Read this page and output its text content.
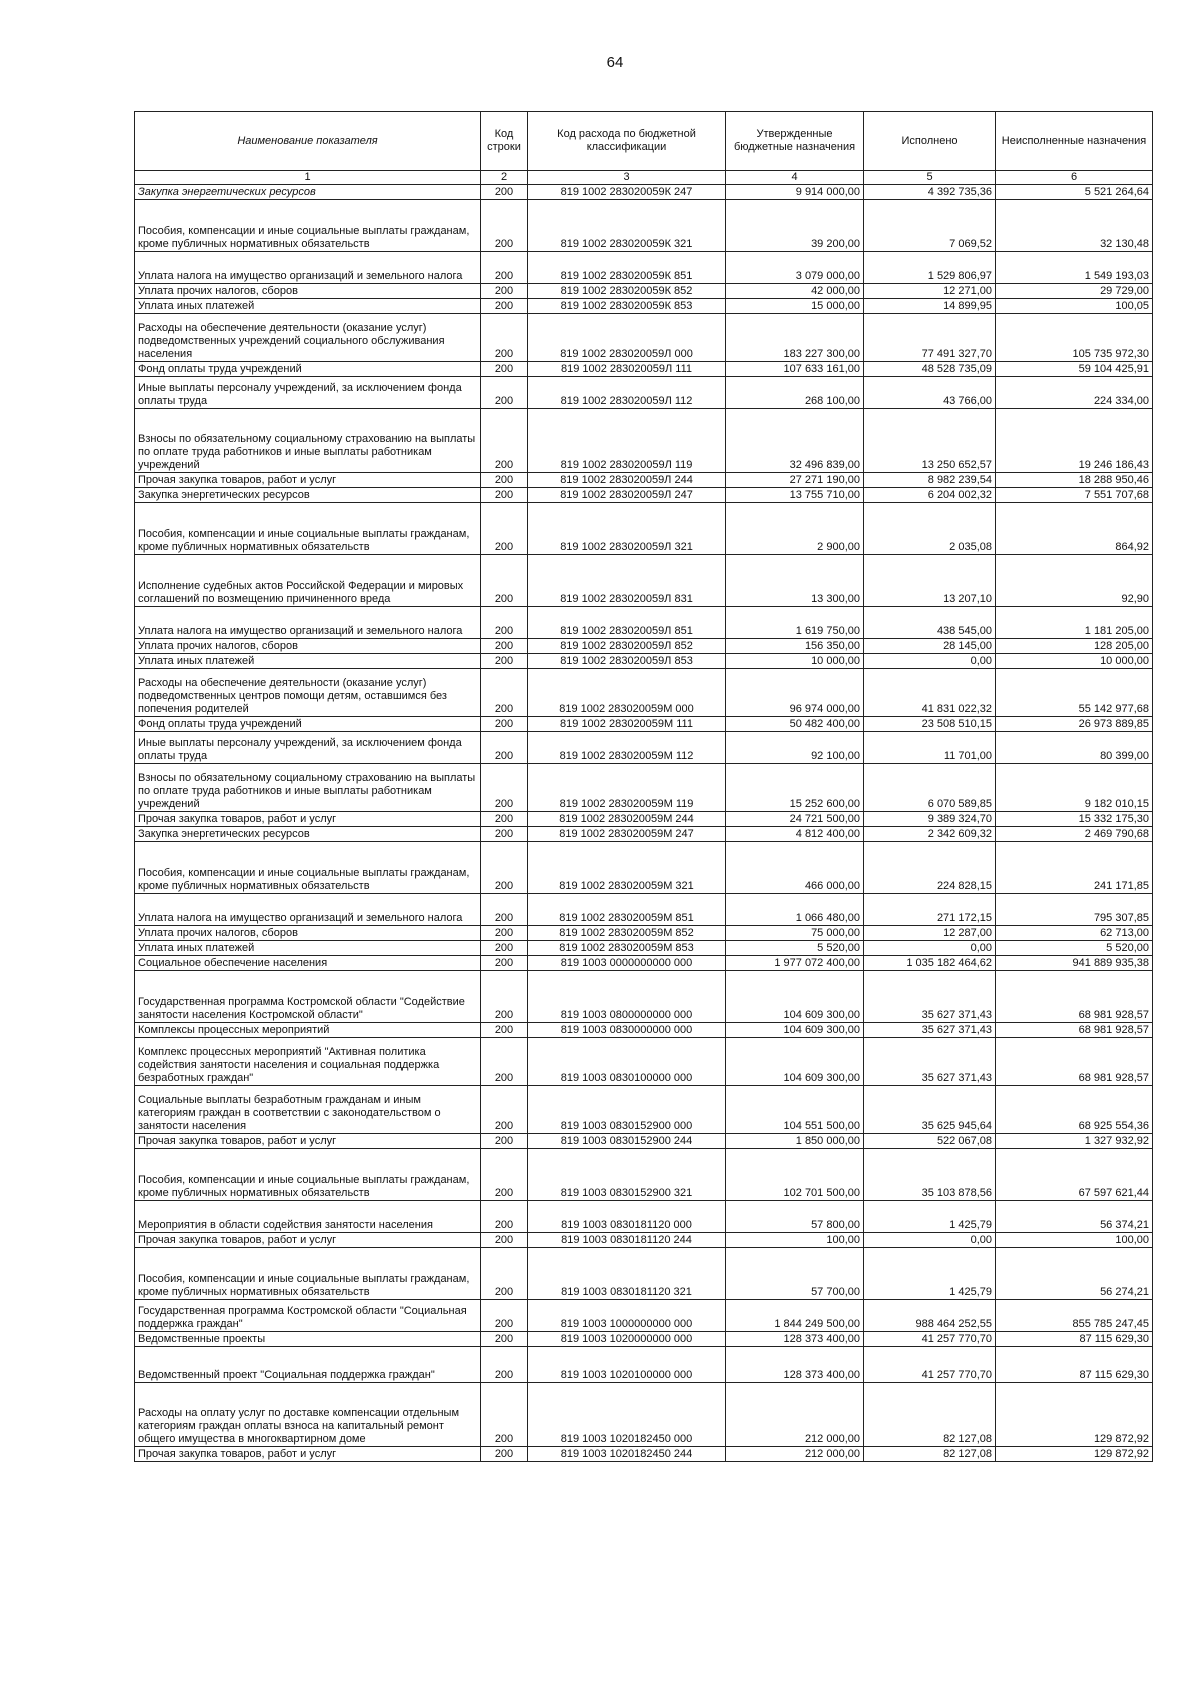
64
Наименование показателя	Код строки	Код расхода по бюджетной классификации	Утвержденные бюджетные назначения	Исполнено	Неисполненные назначения
1	2	3	4	5	6
Закупка энергетических ресурсов	200	819 1002 283020059К 247	9 914 000,00	4 392 735,36	5 521 264,64
Пособия, компенсации и иные социальные выплаты гражданам, кроме публичных нормативных обязательств	200	819 1002 283020059К 321	39 200,00	7 069,52	32 130,48
Уплата налога на имущество организаций и земельного налога	200	819 1002 283020059К 851	3 079 000,00	1 529 806,97	1 549 193,03
Уплата прочих налогов, сборов	200	819 1002 283020059К 852	42 000,00	12 271,00	29 729,00
Уплата иных платежей	200	819 1002 283020059К 853	15 000,00	14 899,95	100,05
Расходы на обеспечение деятельности (оказание услуг) подведомственных учреждений социального обслуживания населения	200	819 1002 283020059Л 000	183 227 300,00	77 491 327,70	105 735 972,30
Фонд оплаты труда учреждений	200	819 1002 283020059Л 111	107 633 161,00	48 528 735,09	59 104 425,91
Иные выплаты персоналу учреждений, за исключением фонда оплаты труда	200	819 1002 283020059Л 112	268 100,00	43 766,00	224 334,00
Взносы по обязательному социальному страхованию на выплаты по оплате труда работников и иные выплаты работникам учреждений	200	819 1002 283020059Л 119	32 496 839,00	13 250 652,57	19 246 186,43
Прочая закупка товаров, работ и услуг	200	819 1002 283020059Л 244	27 271 190,00	8 982 239,54	18 288 950,46
Закупка энергетических ресурсов	200	819 1002 283020059Л 247	13 755 710,00	6 204 002,32	7 551 707,68
Пособия, компенсации и иные социальные выплаты гражданам, кроме публичных нормативных обязательств	200	819 1002 283020059Л 321	2 900,00	2 035,08	864,92
Исполнение судебных актов Российской Федерации и мировых соглашений по возмещению причиненного вреда	200	819 1002 283020059Л 831	13 300,00	13 207,10	92,90
Уплата налога на имущество организаций и земельного налога	200	819 1002 283020059Л 851	1 619 750,00	438 545,00	1 181 205,00
Уплата прочих налогов, сборов	200	819 1002 283020059Л 852	156 350,00	28 145,00	128 205,00
Уплата иных платежей	200	819 1002 283020059Л 853	10 000,00	0,00	10 000,00
Расходы на обеспечение деятельности (оказание услуг) подведомственных центров помощи детям, оставшимся без попечения родителей	200	819 1002 283020059М 000	96 974 000,00	41 831 022,32	55 142 977,68
Фонд оплаты труда учреждений	200	819 1002 283020059М 111	50 482 400,00	23 508 510,15	26 973 889,85
Иные выплаты персоналу учреждений, за исключением фонда оплаты труда	200	819 1002 283020059М 112	92 100,00	11 701,00	80 399,00
Взносы по обязательному социальному страхованию на выплаты по оплате труда работников и иные выплаты работникам учреждений	200	819 1002 283020059М 119	15 252 600,00	6 070 589,85	9 182 010,15
Прочая закупка товаров, работ и услуг	200	819 1002 283020059М 244	24 721 500,00	9 389 324,70	15 332 175,30
Закупка энергетических ресурсов	200	819 1002 283020059М 247	4 812 400,00	2 342 609,32	2 469 790,68
Пособия, компенсации и иные социальные выплаты гражданам, кроме публичных нормативных обязательств	200	819 1002 283020059М 321	466 000,00	224 828,15	241 171,85
Уплата налога на имущество организаций и земельного налога	200	819 1002 283020059М 851	1 066 480,00	271 172,15	795 307,85
Уплата прочих налогов, сборов	200	819 1002 283020059М 852	75 000,00	12 287,00	62 713,00
Уплата иных платежей	200	819 1002 283020059М 853	5 520,00	0,00	5 520,00
Социальное обеспечение населения	200	819 1003 0000000000 000	1 977 072 400,00	1 035 182 464,62	941 889 935,38
Государственная программа Костромской области "Содействие занятости населения Костромской области"	200	819 1003 0800000000 000	104 609 300,00	35 627 371,43	68 981 928,57
Комплексы процессных мероприятий	200	819 1003 0830000000 000	104 609 300,00	35 627 371,43	68 981 928,57
Комплекс процессных мероприятий "Активная политика содействия занятости населения и социальная поддержка безработных граждан"	200	819 1003 0830100000 000	104 609 300,00	35 627 371,43	68 981 928,57
Социальные выплаты безработным гражданам и иным категориям граждан в соответствии с законодательством о занятости населения	200	819 1003 0830152900 000	104 551 500,00	35 625 945,64	68 925 554,36
Прочая закупка товаров, работ и услуг	200	819 1003 0830152900 244	1 850 000,00	522 067,08	1 327 932,92
Пособия, компенсации и иные социальные выплаты гражданам, кроме публичных нормативных обязательств	200	819 1003 0830152900 321	102 701 500,00	35 103 878,56	67 597 621,44
Мероприятия в области содействия занятости населения	200	819 1003 0830181120 000	57 800,00	1 425,79	56 374,21
Прочая закупка товаров, работ и услуг	200	819 1003 0830181120 244	100,00	0,00	100,00
Пособия, компенсации и иные социальные выплаты гражданам, кроме публичных нормативных обязательств	200	819 1003 0830181120 321	57 700,00	1 425,79	56 274,21
Государственная программа Костромской области "Социальная поддержка граждан"	200	819 1003 1000000000 000	1 844 249 500,00	988 464 252,55	855 785 247,45
Ведомственные проекты	200	819 1003 1020000000 000	128 373 400,00	41 257 770,70	87 115 629,30
Ведомственный проект "Социальная поддержка граждан"	200	819 1003 1020100000 000	128 373 400,00	41 257 770,70	87 115 629,30
Расходы на оплату услуг по доставке компенсации отдельным категориям граждан оплаты взноса на капитальный ремонт общего имущества в многоквартирном доме	200	819 1003 1020182450 000	212 000,00	82 127,08	129 872,92
Прочая закупка товаров, работ и услуг	200	819 1003 1020182450 244	212 000,00	82 127,08	129 872,92
